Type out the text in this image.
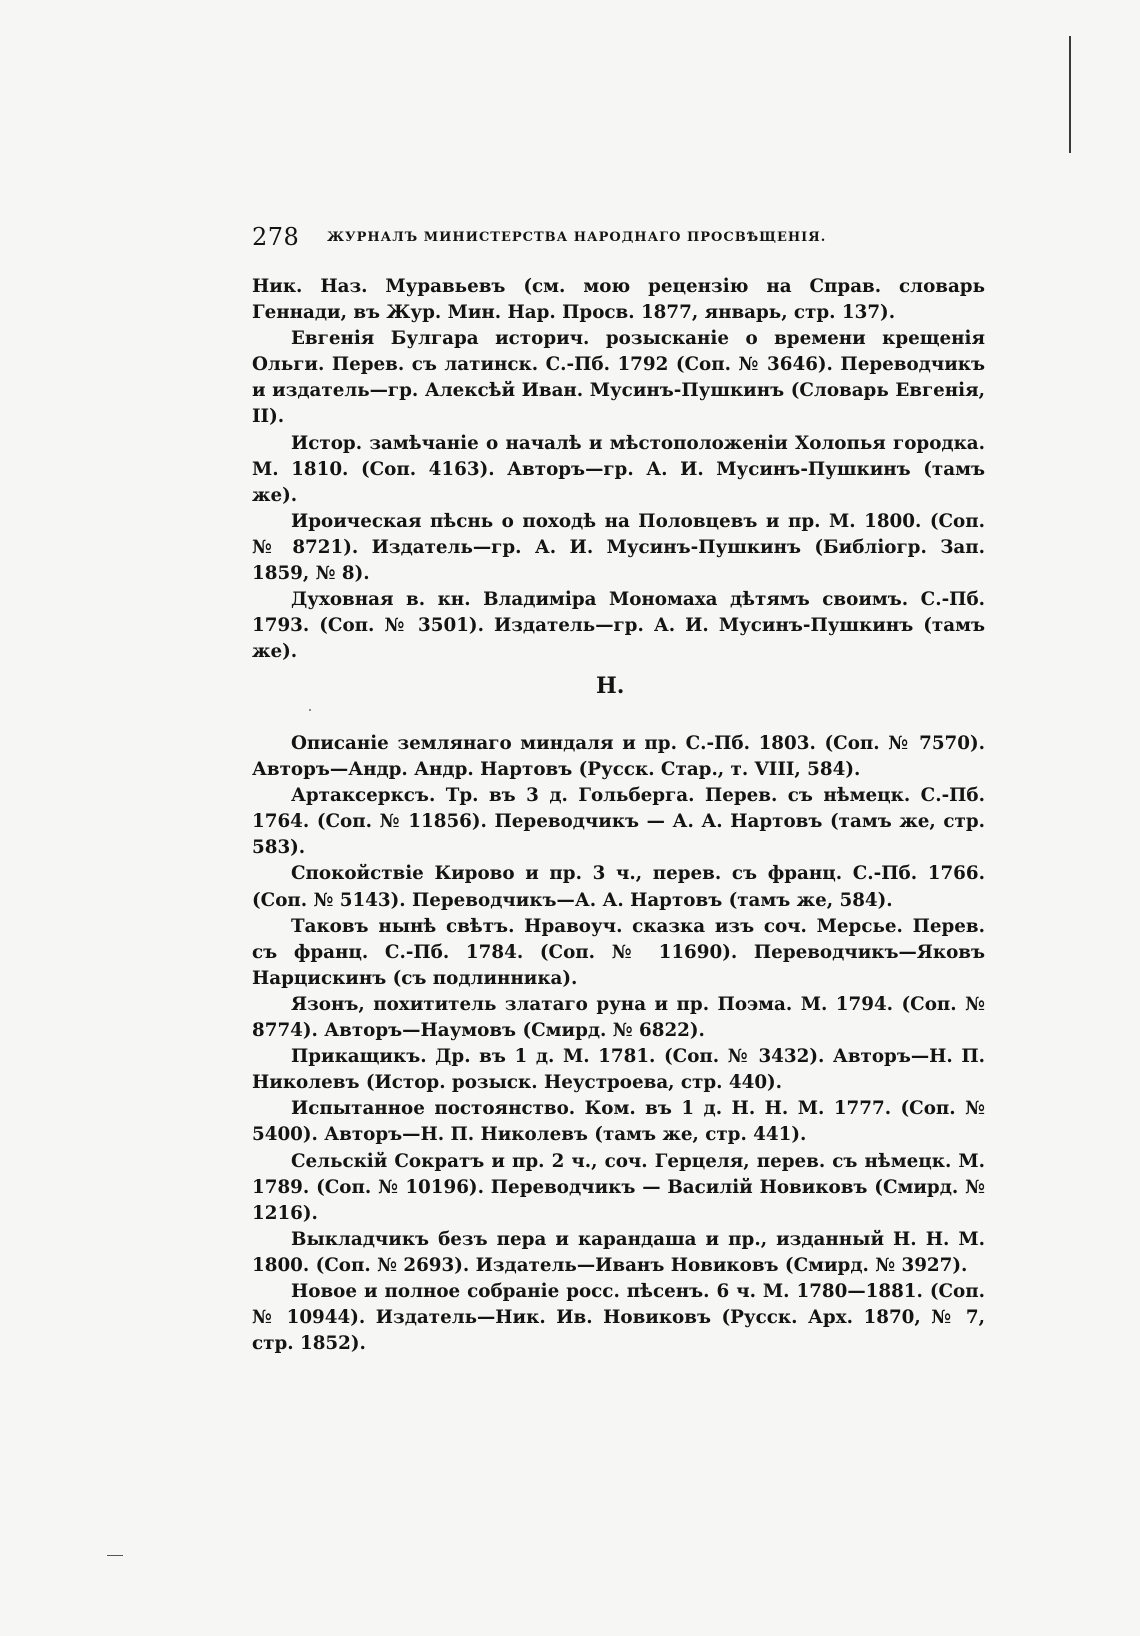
278 ЖУРНАЛЪ МИНИСТЕРСТВА НАРОДНАГО ПРОСВѢЩЕНІЯ.

Ник. Наз. Муравьевъ (см. мою рецензію на Справ. словарь Геннади, въ Жур. Мин. Нар. Просв. 1877, январь, стр. 137).

Евгенія Булгара историч. розысканіе о времени крещенія Ольги. Перев. съ латинск. С.-Пб. 1792 (Соп. № 3646). Переводчикъ и издатель—гр. Алексѣй Иван. Мусинъ-Пушкинъ (Словарь Евгенія, II).

Истор. замѣчаніе о началѣ и мѣстоположеніи Холопья городка. М. 1810. (Соп. 4163). Авторъ—гр. А. И. Мусинъ-Пушкинъ (тамъ же).

Ироическая пѣснь о походѣ на Половцевъ и пр. М. 1800. (Соп. № 8721). Издатель—гр. А. И. Мусинъ-Пушкинъ (Библіогр. Зап. 1859, № 8).

Духовная в. кн. Владиміра Мономаха дѣтямъ своимъ. С.-Пб. 1793. (Соп. № 3501). Издатель—гр. А. И. Мусинъ-Пушкинъ (тамъ же).

Н.

Описаніе землянаго миндаля и пр. С.-Пб. 1803. (Соп. № 7570). Авторъ—Андр. Андр. Нартовъ (Русск. Стар., т. VIII, 584).

Артаксерксъ. Тр. въ 3 д. Гольберга. Перев. съ нѣмецк. С.-Пб. 1764. (Соп. № 11856). Переводчикъ — А. А. Нартовъ (тамъ же, стр. 583).

Спокойствіе Кирово и пр. 3 ч., перев. съ франц. С.-Пб. 1766. (Соп. № 5143). Переводчикъ—А. А. Нартовъ (тамъ же, 584).

Таковъ нынѣ свѣтъ. Нравоуч. сказка изъ соч. Мерсье. Перев. съ франц. С.-Пб. 1784. (Соп. № 11690). Переводчикъ—Яковъ Нарцискинъ (съ подлинника).

Язонъ, похититель златаго руна и пр. Поэма. М. 1794. (Соп. № 8774). Авторъ—Наумовъ (Смирд. № 6822).

Прикащикъ. Др. въ 1 д. М. 1781. (Соп. № 3432). Авторъ—Н. П. Николевъ (Истор. розыск. Неустроева, стр. 440).

Испытанное постоянство. Ком. въ 1 д. Н. Н. М. 1777. (Соп. № 5400). Авторъ—Н. П. Николевъ (тамъ же, стр. 441).

Сельскій Сократъ и пр. 2 ч., соч. Герцеля, перев. съ нѣмецк. М. 1789. (Соп. № 10196). Переводчикъ — Василій Новиковъ (Смирд. № 1216).

Выкладчикъ безъ пера и карандаша и пр., изданный Н. Н. М. 1800. (Соп. № 2693). Издатель—Иванъ Новиковъ (Смирд. № 3927).

Новое и полное собраніе росс. пѣсенъ. 6 ч. М. 1780—1881. (Соп. № 10944). Издатель—Ник. Ив. Новиковъ (Русск. Арх. 1870, № 7, стр. 1852).
